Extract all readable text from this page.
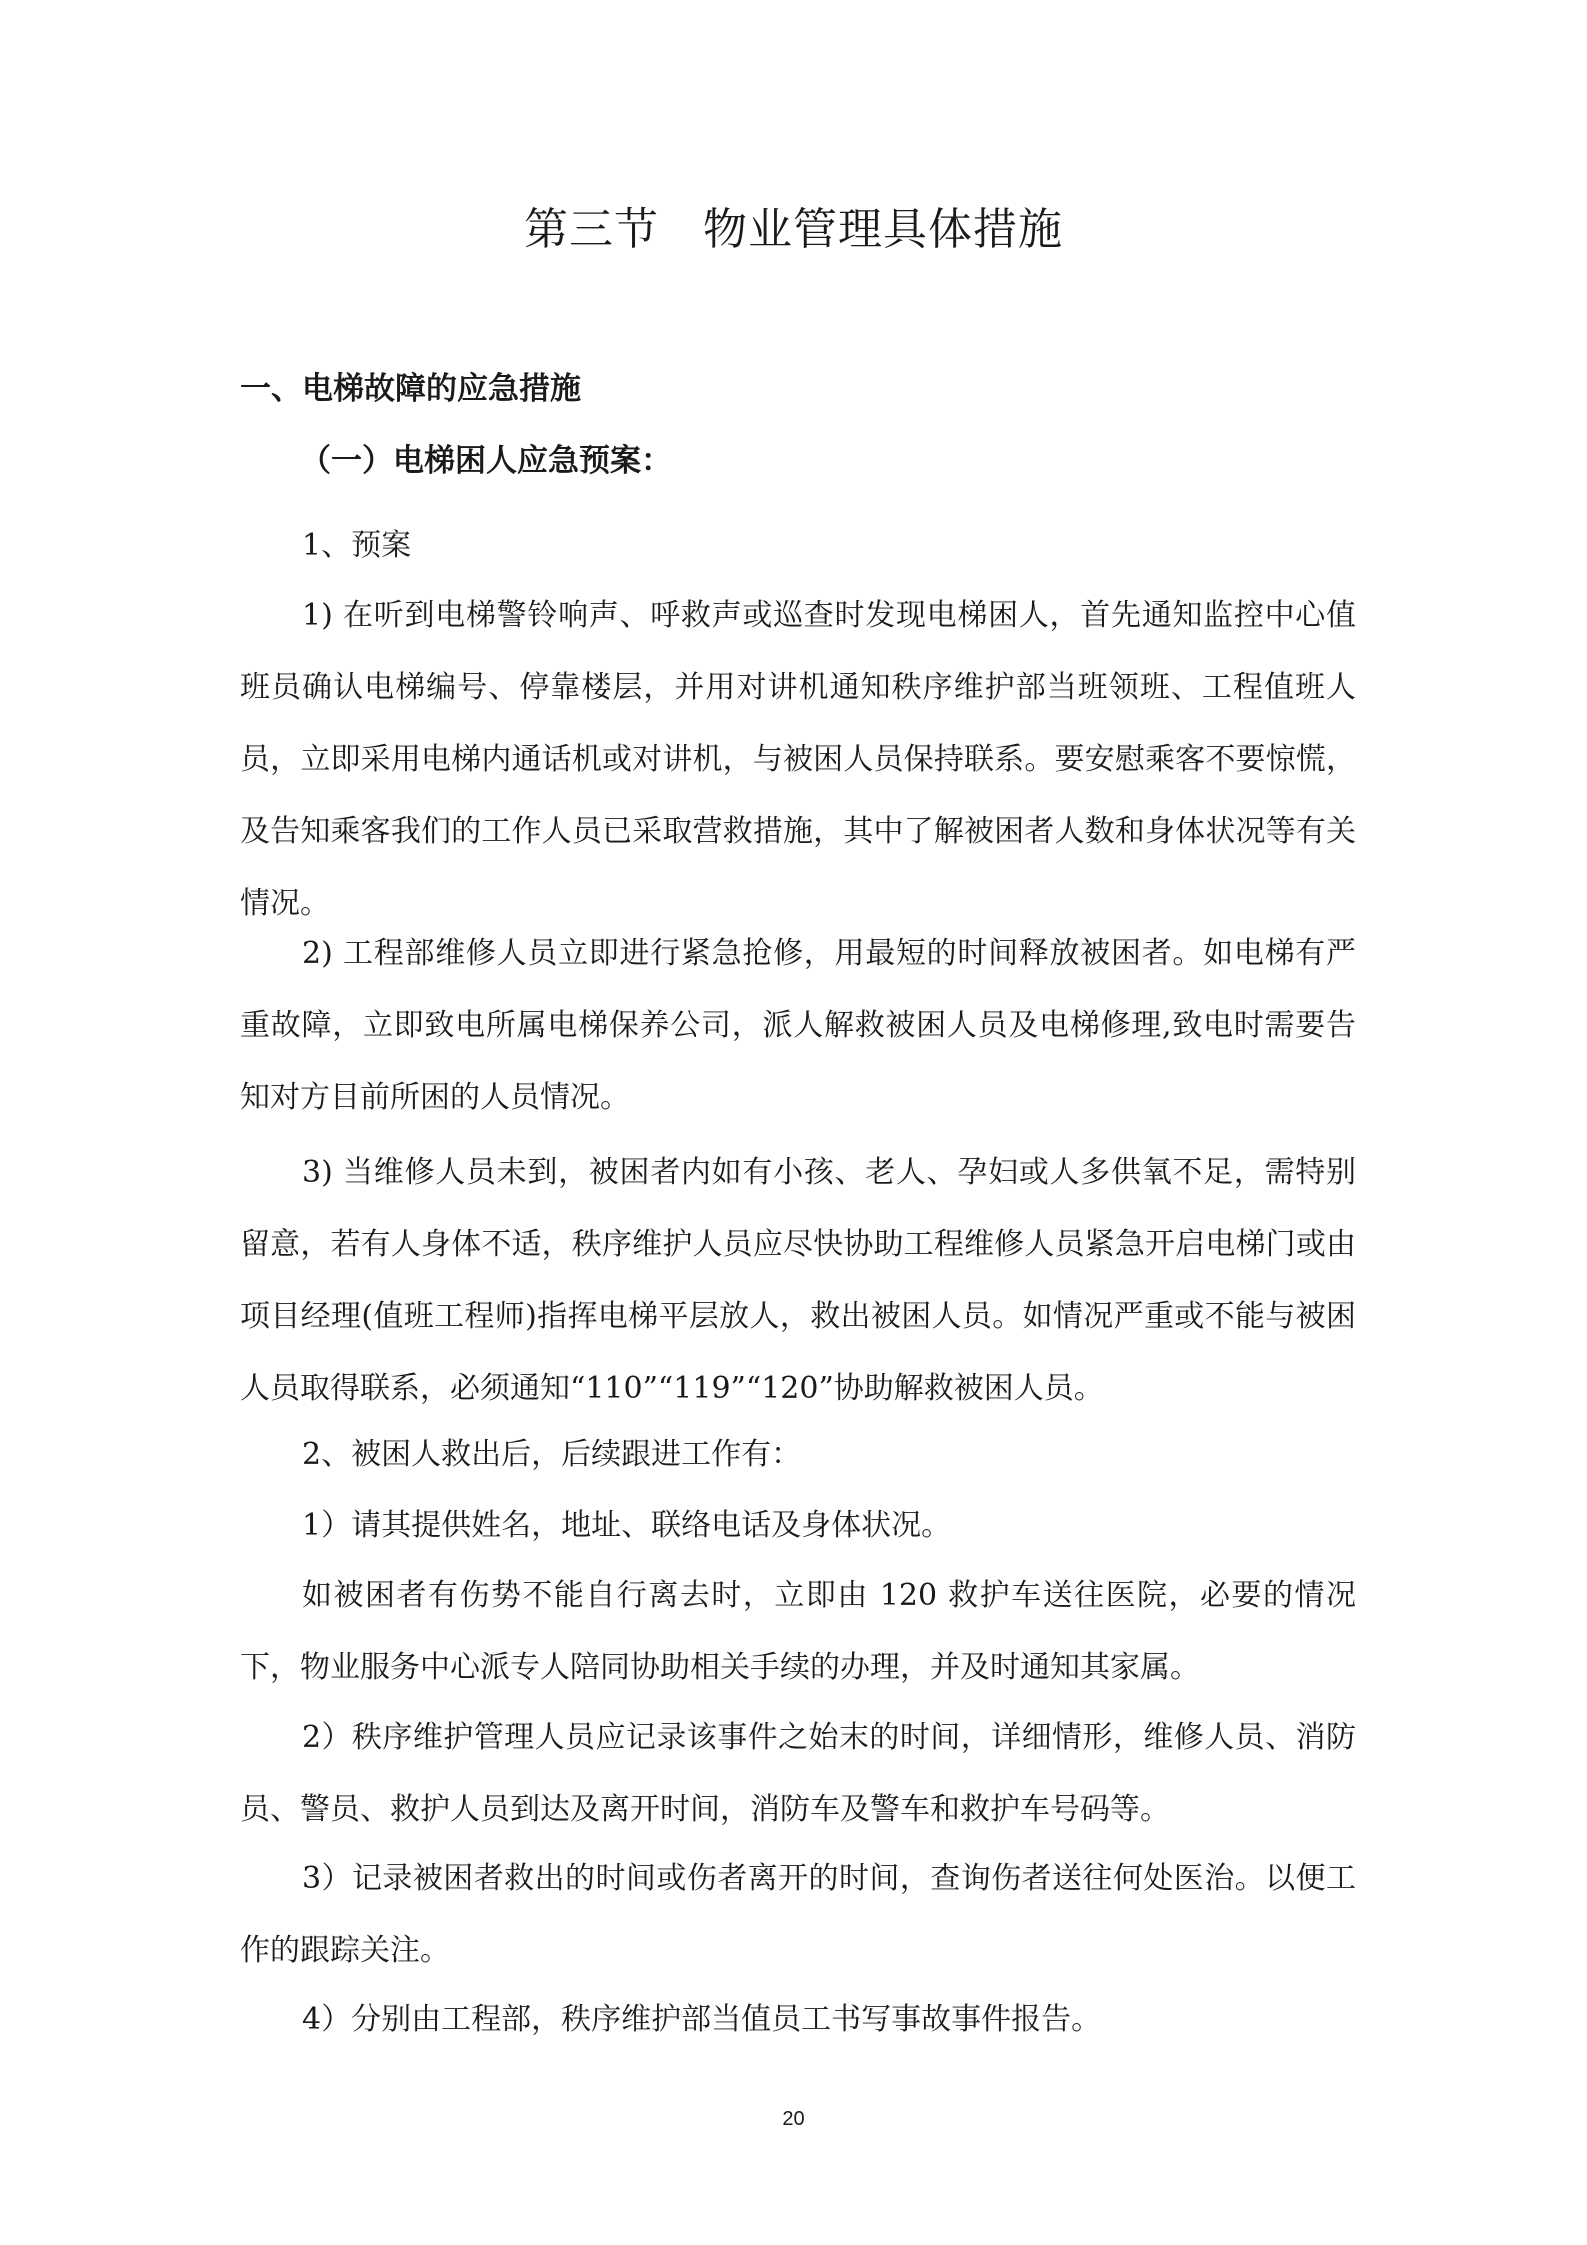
第三节 物业管理具体措施
一、电梯故障的应急措施
（一）电梯困人应急预案：
1、预案
1) 在听到电梯警铃响声、呼救声或巡查时发现电梯困人，首先通知监控中心值班员确认电梯编号、停靠楼层，并用对讲机通知秩序维护部当班领班、工程值班人员，立即采用电梯内通话机或对讲机，与被困人员保持联系。要安慰乘客不要惊慌，及告知乘客我们的工作人员已采取营救措施，其中了解被困者人数和身体状况等有关情况。
2) 工程部维修人员立即进行紧急抢修，用最短的时间释放被困者。如电梯有严重故障，立即致电所属电梯保养公司，派人解救被困人员及电梯修理,致电时需要告知对方目前所困的人员情况。
3) 当维修人员未到，被困者内如有小孩、老人、孕妇或人多供氧不足，需特别留意，若有人身体不适，秩序维护人员应尽快协助工程维修人员紧急开启电梯门或由项目经理(值班工程师)指挥电梯平层放人，救出被困人员。如情况严重或不能与被困人员取得联系，必须通知“110”“119”“120”协助解救被困人员。
2、被困人救出后，后续跟进工作有：
1）请其提供姓名，地址、联络电话及身体状况。
如被困者有伤势不能自行离去时，立即由 120 救护车送往医院，必要的情况下，物业服务中心派专人陪同协助相关手续的办理，并及时通知其家属。
2）秩序维护管理人员应记录该事件之始末的时间，详细情形，维修人员、消防员、警员、救护人员到达及离开时间，消防车及警车和救护车号码等。
3）记录被困者救出的时间或伤者离开的时间，查询伤者送往何处医治。以便工作的跟踪关注。
4）分别由工程部，秩序维护部当值员工书写事故事件报告。
20
